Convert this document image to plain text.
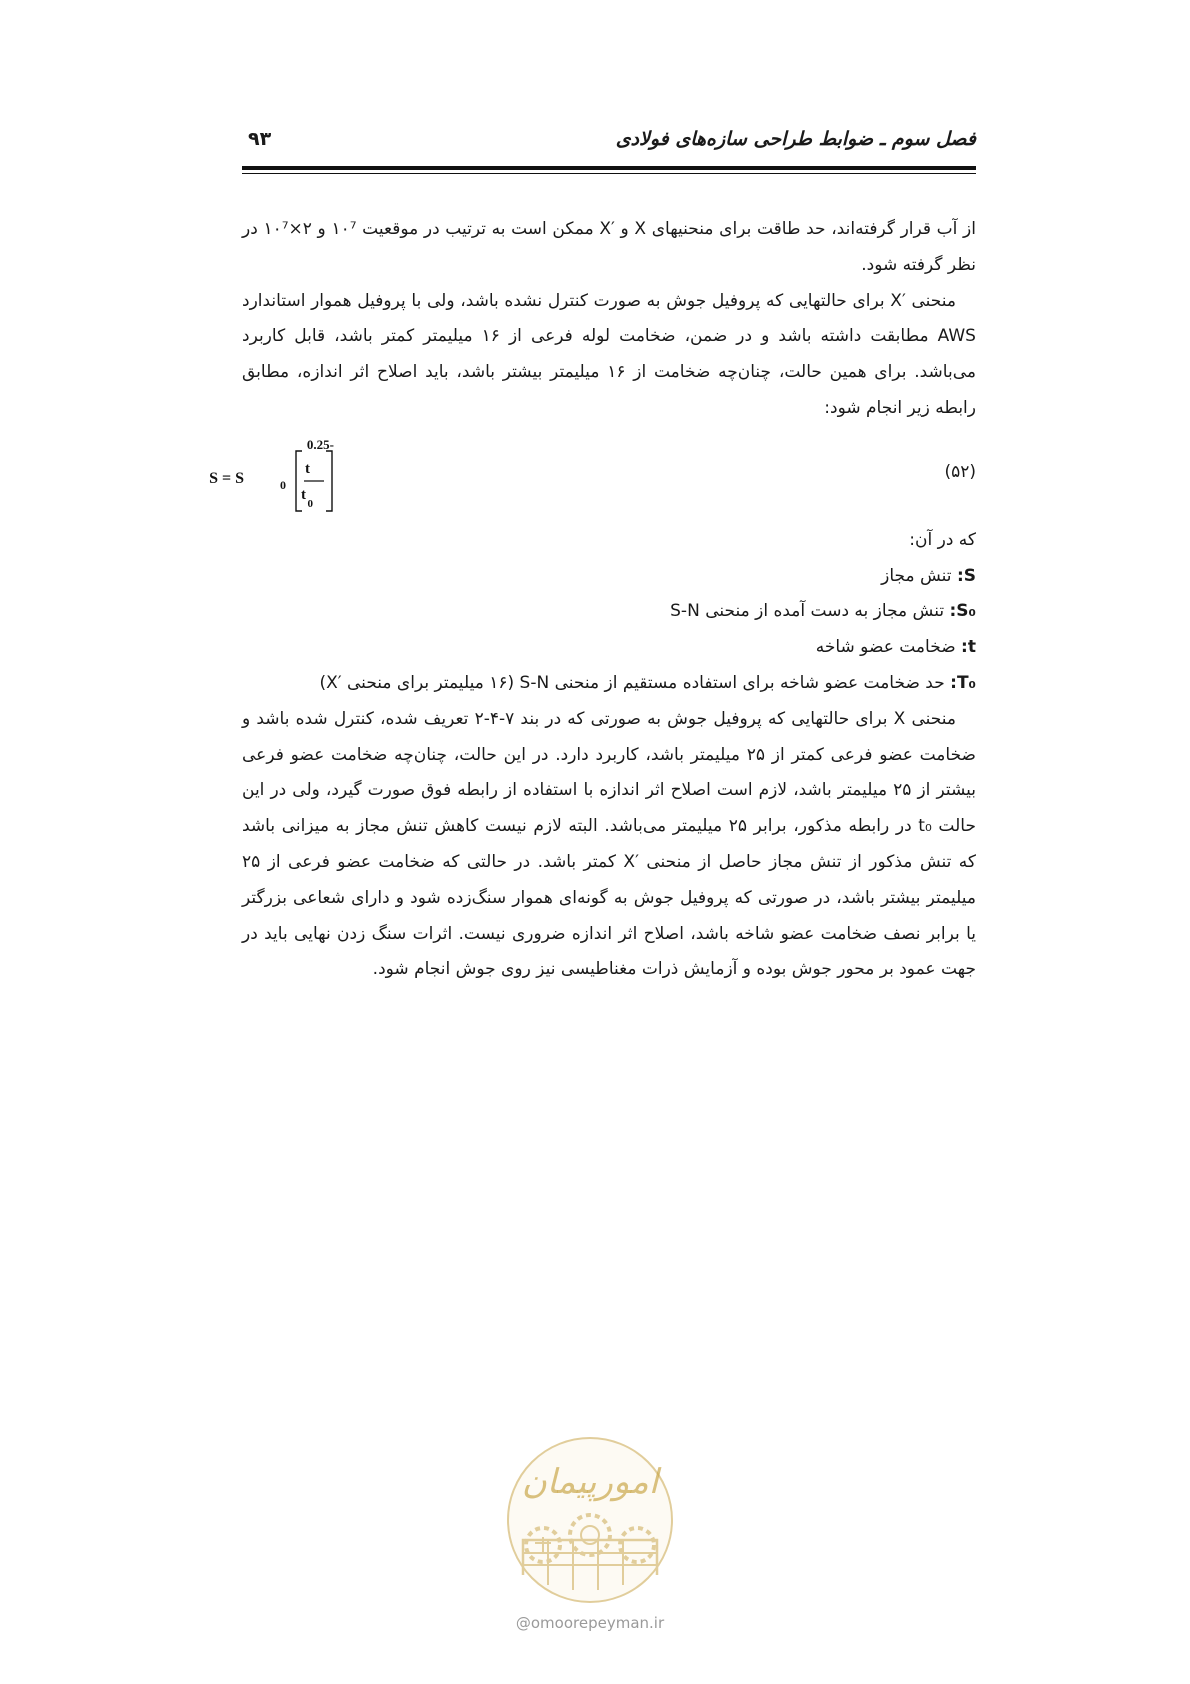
فصل سوم ـ ضوابط طراحی سازه‌های فولادی
۹۳

از آب قرار گرفته‌اند، حد طاقت برای منحنیهای X و ′X ممکن است به ترتیب در موقعیت ۱۰⁷ و ۲×۱۰⁷ در نظر گرفته شود.

منحنی ′X برای حالتهایی که پروفیل جوش به صورت کنترل نشده باشد، ولی با پروفیل هموار استاندارد AWS مطابقت داشته باشد و در ضمن، ضخامت لوله فرعی از ۱۶ میلیمتر کمتر باشد، قابل کاربرد می‌باشد. برای همین حالت، چنان‌چه ضخامت از ۱۶ میلیمتر بیشتر باشد، باید اصلاح اثر اندازه، مطابق رابطه زیر انجام شود:

(۵۲)
S = S	0
t
t
0
-0.25

که در آن:

S: تنش مجاز

S₀: تنش مجاز به دست آمده از منحنی S-N

t: ضخامت عضو شاخه

T₀: حد ضخامت عضو شاخه برای استفاده مستقیم از منحنی S-N (۱۶ میلیمتر برای منحنی ′X)

منحنی X برای حالتهایی که پروفیل جوش به صورتی که در بند ۷-۴-۲ تعریف شده، کنترل شده باشد و ضخامت عضو فرعی کمتر از ۲۵ میلیمتر باشد، کاربرد دارد. در این حالت، چنان‌چه ضخامت عضو فرعی بیشتر از ۲۵ میلیمتر باشد، لازم است اصلاح اثر اندازه با استفاده از رابطه فوق صورت گیرد، ولی در این حالت t₀ در رابطه مذکور، برابر ۲۵ میلیمتر می‌باشد. البته لازم نیست کاهش تنش مجاز به میزانی باشد که تنش مذکور از تنش مجاز حاصل از منحنی ′X کمتر باشد. در حالتی که ضخامت عضو فرعی از ۲۵ میلیمتر بیشتر باشد، در صورتی که پروفیل جوش به گونه‌ای هموار سنگ‌زده شود و دارای شعاعی بزرگتر یا برابر نصف ضخامت عضو شاخه باشد، اصلاح اثر اندازه ضروری نیست. اثرات سنگ زدن نهایی باید در جهت عمود بر محور جوش بوده و آزمایش ذرات مغناطیسی نیز روی جوش انجام شود.

امورپیمان
@omoorepeyman.ir
